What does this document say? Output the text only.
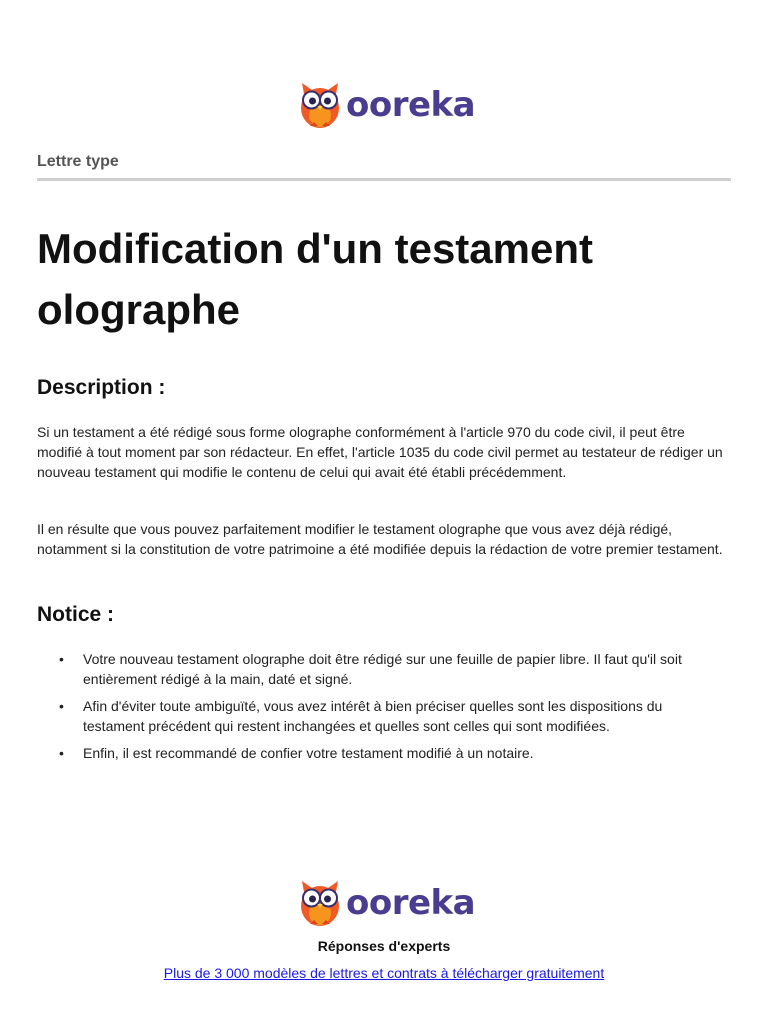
ooreka
Lettre type
Modification d'un testament olographe
Description :

Si un testament a été rédigé sous forme olographe conformément à l'article 970 du code civil, il peut être modifié à tout moment par son rédacteur. En effet, l'article 1035 du code civil permet au testateur de rédiger un nouveau testament qui modifie le contenu de celui qui avait été établi précédemment.

Il en résulte que vous pouvez parfaitement modifier le testament olographe que vous avez déjà rédigé, notamment si la constitution de votre patrimoine a été modifiée depuis la rédaction de votre premier testament.

Notice :
• Votre nouveau testament olographe doit être rédigé sur une feuille de papier libre. Il faut qu'il soit entièrement rédigé à la main, daté et signé.
• Afin d'éviter toute ambiguïté, vous avez intérêt à bien préciser quelles sont les dispositions du testament précédent qui restent inchangées et quelles sont celles qui sont modifiées.
• Enfin, il est recommandé de confier votre testament modifié à un notaire.
ooreka
Réponses d'experts
Plus de 3 000 modèles de lettres et contrats à télécharger gratuitement
